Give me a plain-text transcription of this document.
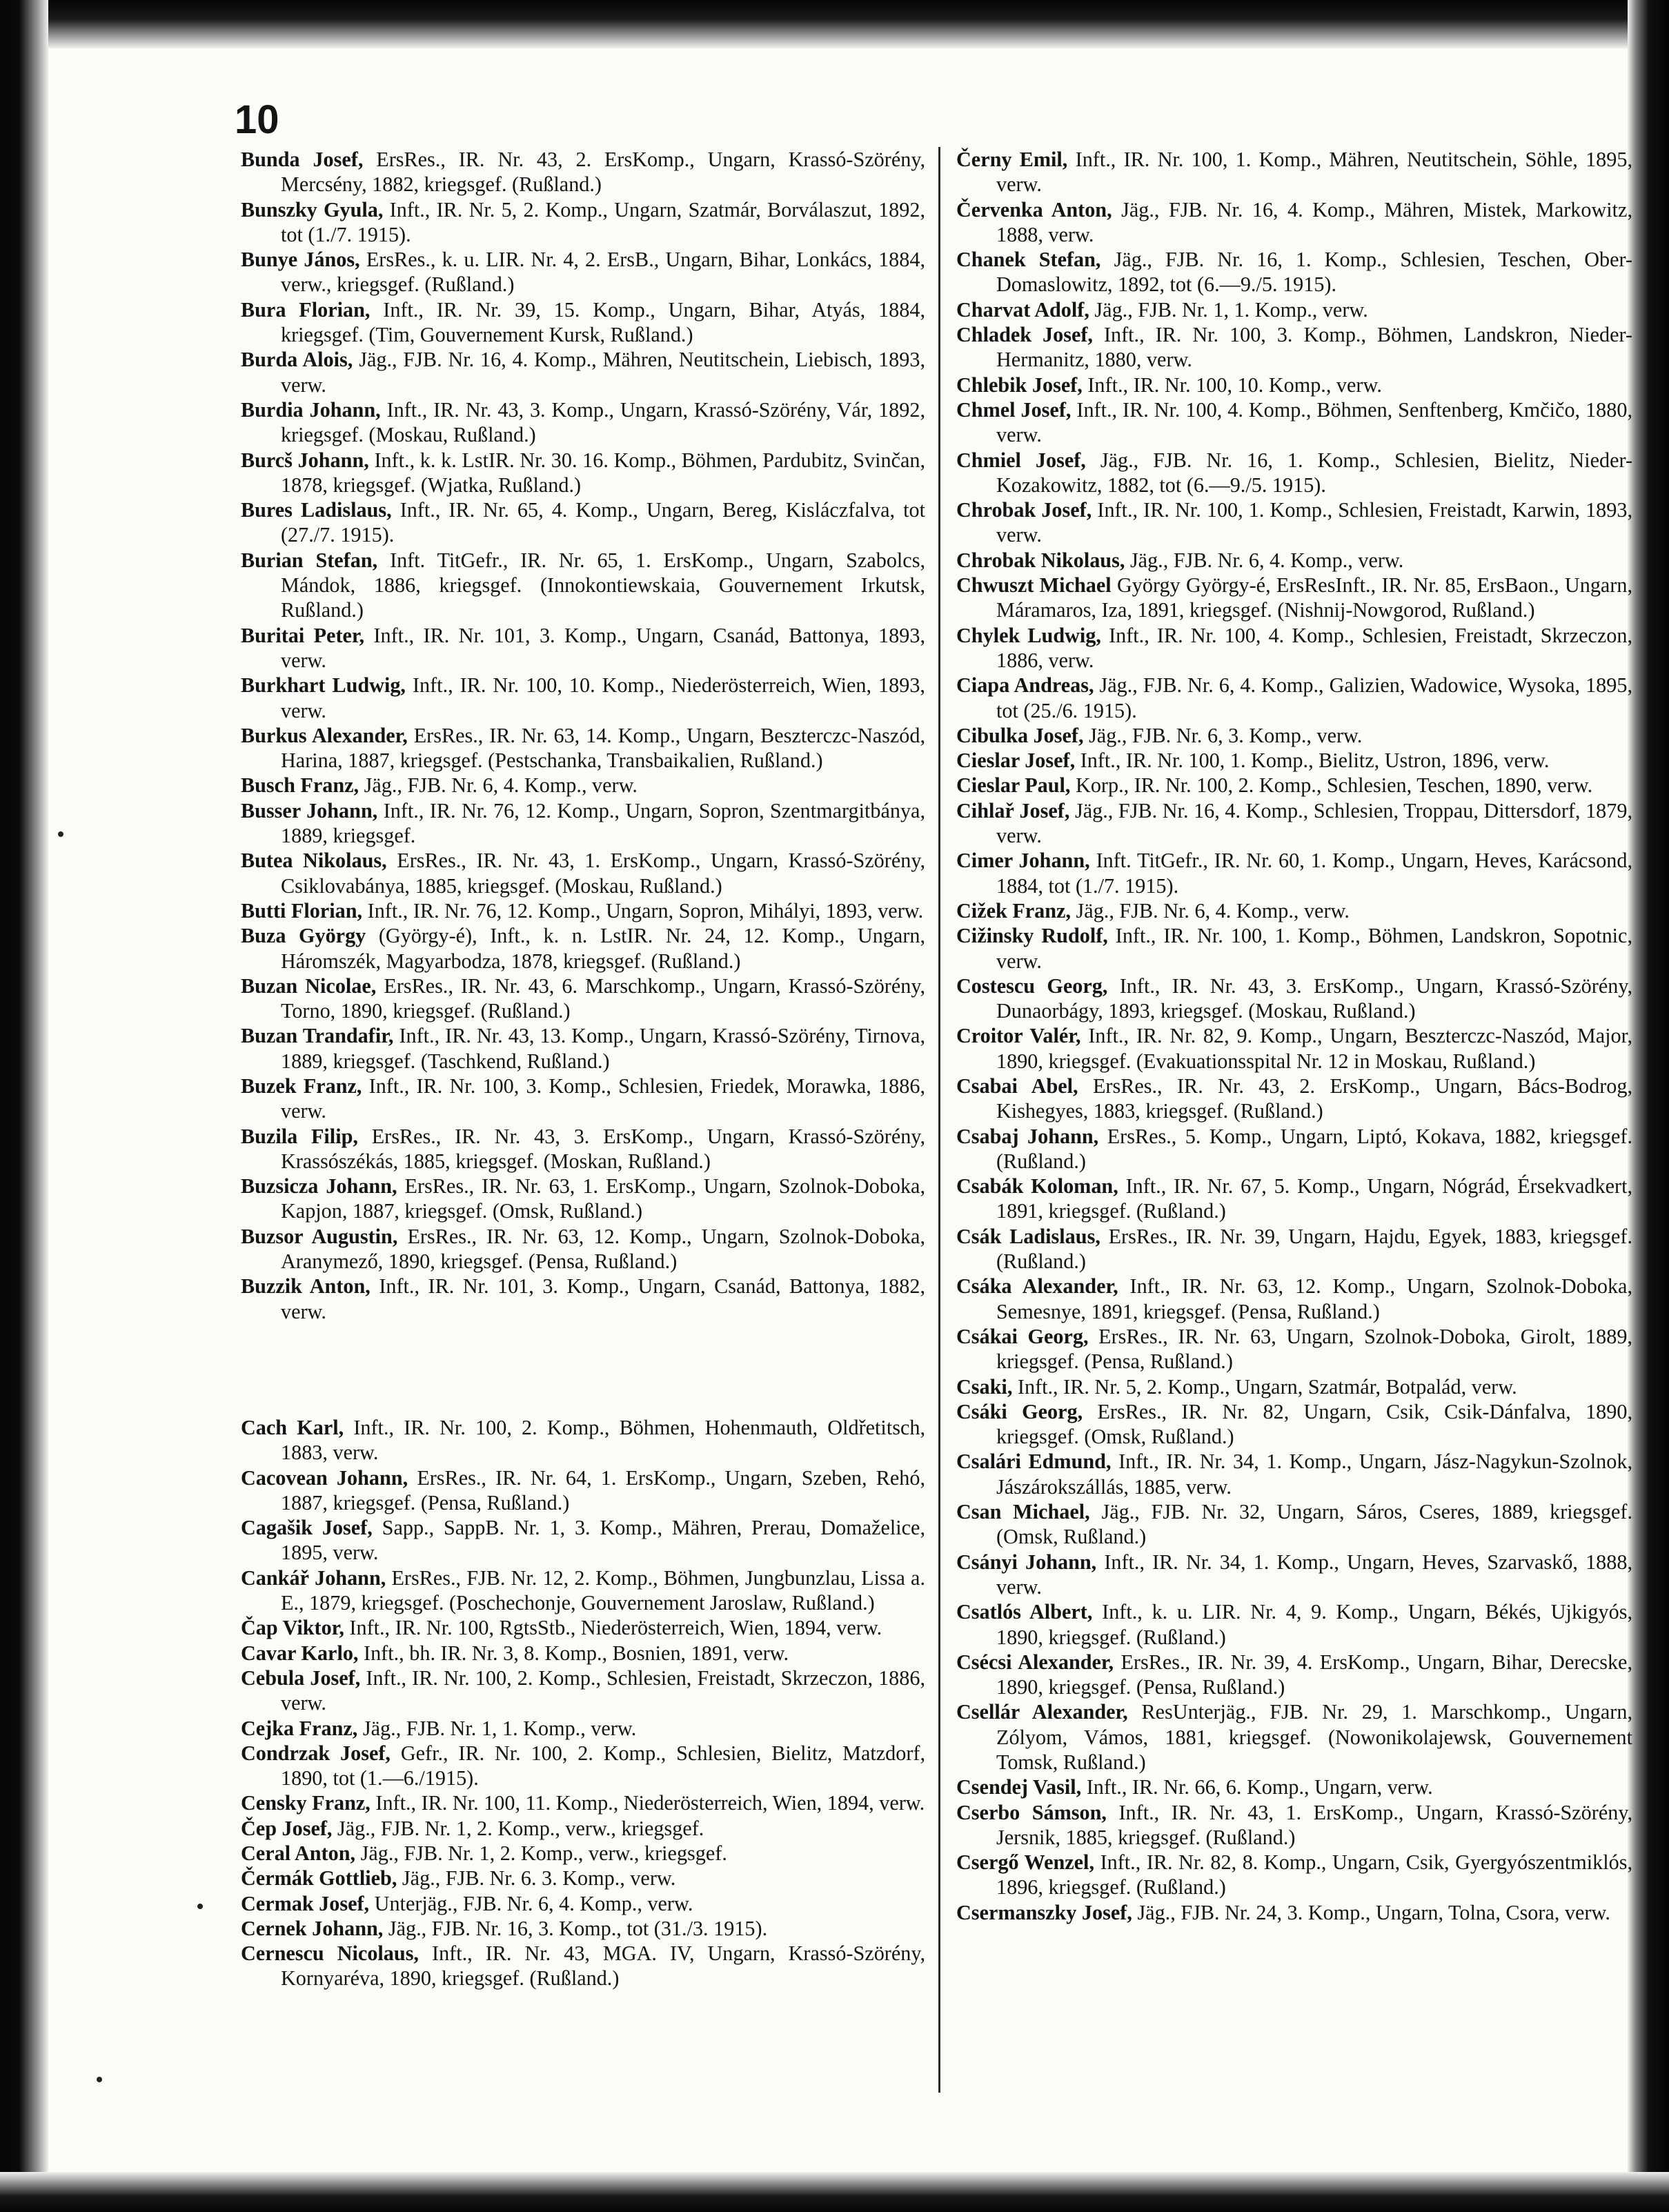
10

Bunda Josef, ErsRes., IR. Nr. 43, 2. ErsKomp., Ungarn, Krassó-Szörény, Mercsény, 1882, kriegsgef. (Rußland.)

Bunszky Gyula, Inft., IR. Nr. 5, 2. Komp., Ungarn, Szatmár, Borválaszut, 1892, tot (1./7. 1915).

Bunye János, ErsRes., k. u. LIR. Nr. 4, 2. ErsB., Ungarn, Bihar, Lonkács, 1884, verw., kriegsgef. (Rußland.)

Bura Florian, Inft., IR. Nr. 39, 15. Komp., Ungarn, Bihar, Atyás, 1884, kriegsgef. (Tim, Gouvernement Kursk, Rußland.)

Burda Alois, Jäg., FJB. Nr. 16, 4. Komp., Mähren, Neutitschein, Liebisch, 1893, verw.

Burdia Johann, Inft., IR. Nr. 43, 3. Komp., Ungarn, Krassó-Szörény, Vár, 1892, kriegsgef. (Moskau, Rußland.)

Burcš Johann, Inft., k. k. LstIR. Nr. 30. 16. Komp., Böhmen, Pardubitz, Svinčan, 1878, kriegsgef. (Wjatka, Rußland.)

Bures Ladislaus, Inft., IR. Nr. 65, 4. Komp., Ungarn, Bereg, Kisláczfalva, tot (27./7. 1915).

Burian Stefan, Inft. TitGefr., IR. Nr. 65, 1. ErsKomp., Ungarn, Szabolcs, Mándok, 1886, kriegsgef. (Innokontiewskaia, Gouvernement Irkutsk, Rußland.)

Buritai Peter, Inft., IR. Nr. 101, 3. Komp., Ungarn, Csanád, Battonya, 1893, verw.

Burkhart Ludwig, Inft., IR. Nr. 100, 10. Komp., Niederösterreich, Wien, 1893, verw.

Burkus Alexander, ErsRes., IR. Nr. 63, 14. Komp., Ungarn, Beszterczc-Naszód, Harina, 1887, kriegsgef. (Pestschanka, Transbaikalien, Rußland.)

Busch Franz, Jäg., FJB. Nr. 6, 4. Komp., verw.

Busser Johann, Inft., IR. Nr. 76, 12. Komp., Ungarn, Sopron, Szentmargitbánya, 1889, kriegsgef.

Butea Nikolaus, ErsRes., IR. Nr. 43, 1. ErsKomp., Ungarn, Krassó-Szörény, Csiklovabánya, 1885, kriegsgef. (Moskau, Rußland.)

Butti Florian, Inft., IR. Nr. 76, 12. Komp., Ungarn, Sopron, Mihályi, 1893, verw.

Buza György (György-é), Inft., k. n. LstIR. Nr. 24, 12. Komp., Ungarn, Háromszék, Magyarbodza, 1878, kriegsgef. (Rußland.)

Buzan Nicolae, ErsRes., IR. Nr. 43, 6. Marschkomp., Ungarn, Krassó-Szörény, Torno, 1890, kriegsgef. (Rußland.)

Buzan Trandafir, Inft., IR. Nr. 43, 13. Komp., Ungarn, Krassó-Szörény, Tirnova, 1889, kriegsgef. (Taschkend, Rußland.)

Buzek Franz, Inft., IR. Nr. 100, 3. Komp., Schlesien, Friedek, Morawka, 1886, verw.

Buzila Filip, ErsRes., IR. Nr. 43, 3. ErsKomp., Ungarn, Krassó-Szörény, Krassószékás, 1885, kriegsgef. (Moskan, Rußland.)

Buzsicza Johann, ErsRes., IR. Nr. 63, 1. ErsKomp., Ungarn, Szolnok-Doboka, Kapjon, 1887, kriegsgef. (Omsk, Rußland.)

Buzsor Augustin, ErsRes., IR. Nr. 63, 12. Komp., Ungarn, Szolnok-Doboka, Aranymező, 1890, kriegsgef. (Pensa, Rußland.)

Buzzik Anton, Inft., IR. Nr. 101, 3. Komp., Ungarn, Csanád, Battonya, 1882, verw.

Cach Karl, Inft., IR. Nr. 100, 2. Komp., Böhmen, Hohenmauth, Oldřetitsch, 1883, verw.

Cacovean Johann, ErsRes., IR. Nr. 64, 1. ErsKomp., Ungarn, Szeben, Rehó, 1887, kriegsgef. (Pensa, Rußland.)

Cagašik Josef, Sapp., SappB. Nr. 1, 3. Komp., Mähren, Prerau, Domaželice, 1895, verw.

Cankář Johann, ErsRes., FJB. Nr. 12, 2. Komp., Böhmen, Jungbunzlau, Lissa a. E., 1879, kriegsgef. (Poschechonje, Gouvernement Jaroslaw, Rußland.)

Čap Viktor, Inft., IR. Nr. 100, RgtsStb., Niederösterreich, Wien, 1894, verw.

Cavar Karlo, Inft., bh. IR. Nr. 3, 8. Komp., Bosnien, 1891, verw.

Cebula Josef, Inft., IR. Nr. 100, 2. Komp., Schlesien, Freistadt, Skrzeczon, 1886, verw.

Cejka Franz, Jäg., FJB. Nr. 1, 1. Komp., verw.

Condrzak Josef, Gefr., IR. Nr. 100, 2. Komp., Schlesien, Bielitz, Matzdorf, 1890, tot (1.—6./1915).

Censky Franz, Inft., IR. Nr. 100, 11. Komp., Niederösterreich, Wien, 1894, verw.

Čep Josef, Jäg., FJB. Nr. 1, 2. Komp., verw., kriegsgef.

Ceral Anton, Jäg., FJB. Nr. 1, 2. Komp., verw., kriegsgef.

Čermák Gottlieb, Jäg., FJB. Nr. 6. 3. Komp., verw.

Cermak Josef, Unterjäg., FJB. Nr. 6, 4. Komp., verw.

Cernek Johann, Jäg., FJB. Nr. 16, 3. Komp., tot (31./3. 1915).

Cernescu Nicolaus, Inft., IR. Nr. 43, MGA. IV, Ungarn, Krassó-Szörény, Kornyaréva, 1890, kriegsgef. (Rußland.)

Černy Emil, Inft., IR. Nr. 100, 1. Komp., Mähren, Neutitschein, Söhle, 1895, verw.

Červenka Anton, Jäg., FJB. Nr. 16, 4. Komp., Mähren, Mistek, Markowitz, 1888, verw.

Chanek Stefan, Jäg., FJB. Nr. 16, 1. Komp., Schlesien, Teschen, Ober-Domaslowitz, 1892, tot (6.—9./5. 1915).

Charvat Adolf, Jäg., FJB. Nr. 1, 1. Komp., verw.

Chladek Josef, Inft., IR. Nr. 100, 3. Komp., Böhmen, Landskron, Nieder-Hermanitz, 1880, verw.

Chlebik Josef, Inft., IR. Nr. 100, 10. Komp., verw.

Chmel Josef, Inft., IR. Nr. 100, 4. Komp., Böhmen, Senftenberg, Kmčičo, 1880, verw.

Chmiel Josef, Jäg., FJB. Nr. 16, 1. Komp., Schlesien, Bielitz, Nieder-Kozakowitz, 1882, tot (6.—9./5. 1915).

Chrobak Josef, Inft., IR. Nr. 100, 1. Komp., Schlesien, Freistadt, Karwin, 1893, verw.

Chrobak Nikolaus, Jäg., FJB. Nr. 6, 4. Komp., verw.

Chwuszt Michael György György-é, ErsResInft., IR. Nr. 85, ErsBaon., Ungarn, Máramaros, Iza, 1891, kriegsgef. (Nishnij-Nowgorod, Rußland.)

Chylek Ludwig, Inft., IR. Nr. 100, 4. Komp., Schlesien, Freistadt, Skrzeczon, 1886, verw.

Ciapa Andreas, Jäg., FJB. Nr. 6, 4. Komp., Galizien, Wadowice, Wysoka, 1895, tot (25./6. 1915).

Cibulka Josef, Jäg., FJB. Nr. 6, 3. Komp., verw.

Cieslar Josef, Inft., IR. Nr. 100, 1. Komp., Bielitz, Ustron, 1896, verw.

Cieslar Paul, Korp., IR. Nr. 100, 2. Komp., Schlesien, Teschen, 1890, verw.

Cihlař Josef, Jäg., FJB. Nr. 16, 4. Komp., Schlesien, Troppau, Dittersdorf, 1879, verw.

Cimer Johann, Inft. TitGefr., IR. Nr. 60, 1. Komp., Ungarn, Heves, Karácsond, 1884, tot (1./7. 1915).

Cižek Franz, Jäg., FJB. Nr. 6, 4. Komp., verw.

Cižinsky Rudolf, Inft., IR. Nr. 100, 1. Komp., Böhmen, Landskron, Sopotnic, verw.

Costescu Georg, Inft., IR. Nr. 43, 3. ErsKomp., Ungarn, Krassó-Szörény, Dunaorbágy, 1893, kriegsgef. (Moskau, Rußland.)

Croitor Valér, Inft., IR. Nr. 82, 9. Komp., Ungarn, Beszterczc-Naszód, Major, 1890, kriegsgef. (Evakuationsspital Nr. 12 in Moskau, Rußland.)

Csabai Abel, ErsRes., IR. Nr. 43, 2. ErsKomp., Ungarn, Bács-Bodrog, Kishegyes, 1883, kriegsgef. (Rußland.)

Csabaj Johann, ErsRes., 5. Komp., Ungarn, Liptó, Kokava, 1882, kriegsgef. (Rußland.)

Csabák Koloman, Inft., IR. Nr. 67, 5. Komp., Ungarn, Nógrád, Érsekvadkert, 1891, kriegsgef. (Rußland.)

Csák Ladislaus, ErsRes., IR. Nr. 39, Ungarn, Hajdu, Egyek, 1883, kriegsgef. (Rußland.)

Csáka Alexander, Inft., IR. Nr. 63, 12. Komp., Ungarn, Szolnok-Doboka, Semesnye, 1891, kriegsgef. (Pensa, Rußland.)

Csákai Georg, ErsRes., IR. Nr. 63, Ungarn, Szolnok-Doboka, Girolt, 1889, kriegsgef. (Pensa, Rußland.)

Csaki, Inft., IR. Nr. 5, 2. Komp., Ungarn, Szatmár, Botpalád, verw.

Csáki Georg, ErsRes., IR. Nr. 82, Ungarn, Csik, Csik-Dánfalva, 1890, kriegsgef. (Omsk, Rußland.)

Csalári Edmund, Inft., IR. Nr. 34, 1. Komp., Ungarn, Jász-Nagykun-Szolnok, Jászárokszállás, 1885, verw.

Csan Michael, Jäg., FJB. Nr. 32, Ungarn, Sáros, Cseres, 1889, kriegsgef. (Omsk, Rußland.)

Csányi Johann, Inft., IR. Nr. 34, 1. Komp., Ungarn, Heves, Szarvaskő, 1888, verw.

Csatlós Albert, Inft., k. u. LIR. Nr. 4, 9. Komp., Ungarn, Békés, Ujkigyós, 1890, kriegsgef. (Rußland.)

Csécsi Alexander, ErsRes., IR. Nr. 39, 4. ErsKomp., Ungarn, Bihar, Derecske, 1890, kriegsgef. (Pensa, Rußland.)

Csellár Alexander, ResUnterjäg., FJB. Nr. 29, 1. Marschkomp., Ungarn, Zólyom, Vámos, 1881, kriegsgef. (Nowonikolajewsk, Gouvernement Tomsk, Rußland.)

Csendej Vasil, Inft., IR. Nr. 66, 6. Komp., Ungarn, verw.

Cserbo Sámson, Inft., IR. Nr. 43, 1. ErsKomp., Ungarn, Krassó-Szörény, Jersnik, 1885, kriegsgef. (Rußland.)

Csergő Wenzel, Inft., IR. Nr. 82, 8. Komp., Ungarn, Csik, Gyergyószentmiklós, 1896, kriegsgef. (Rußland.)

Csermanszky Josef, Jäg., FJB. Nr. 24, 3. Komp., Ungarn, Tolna, Csora, verw.
